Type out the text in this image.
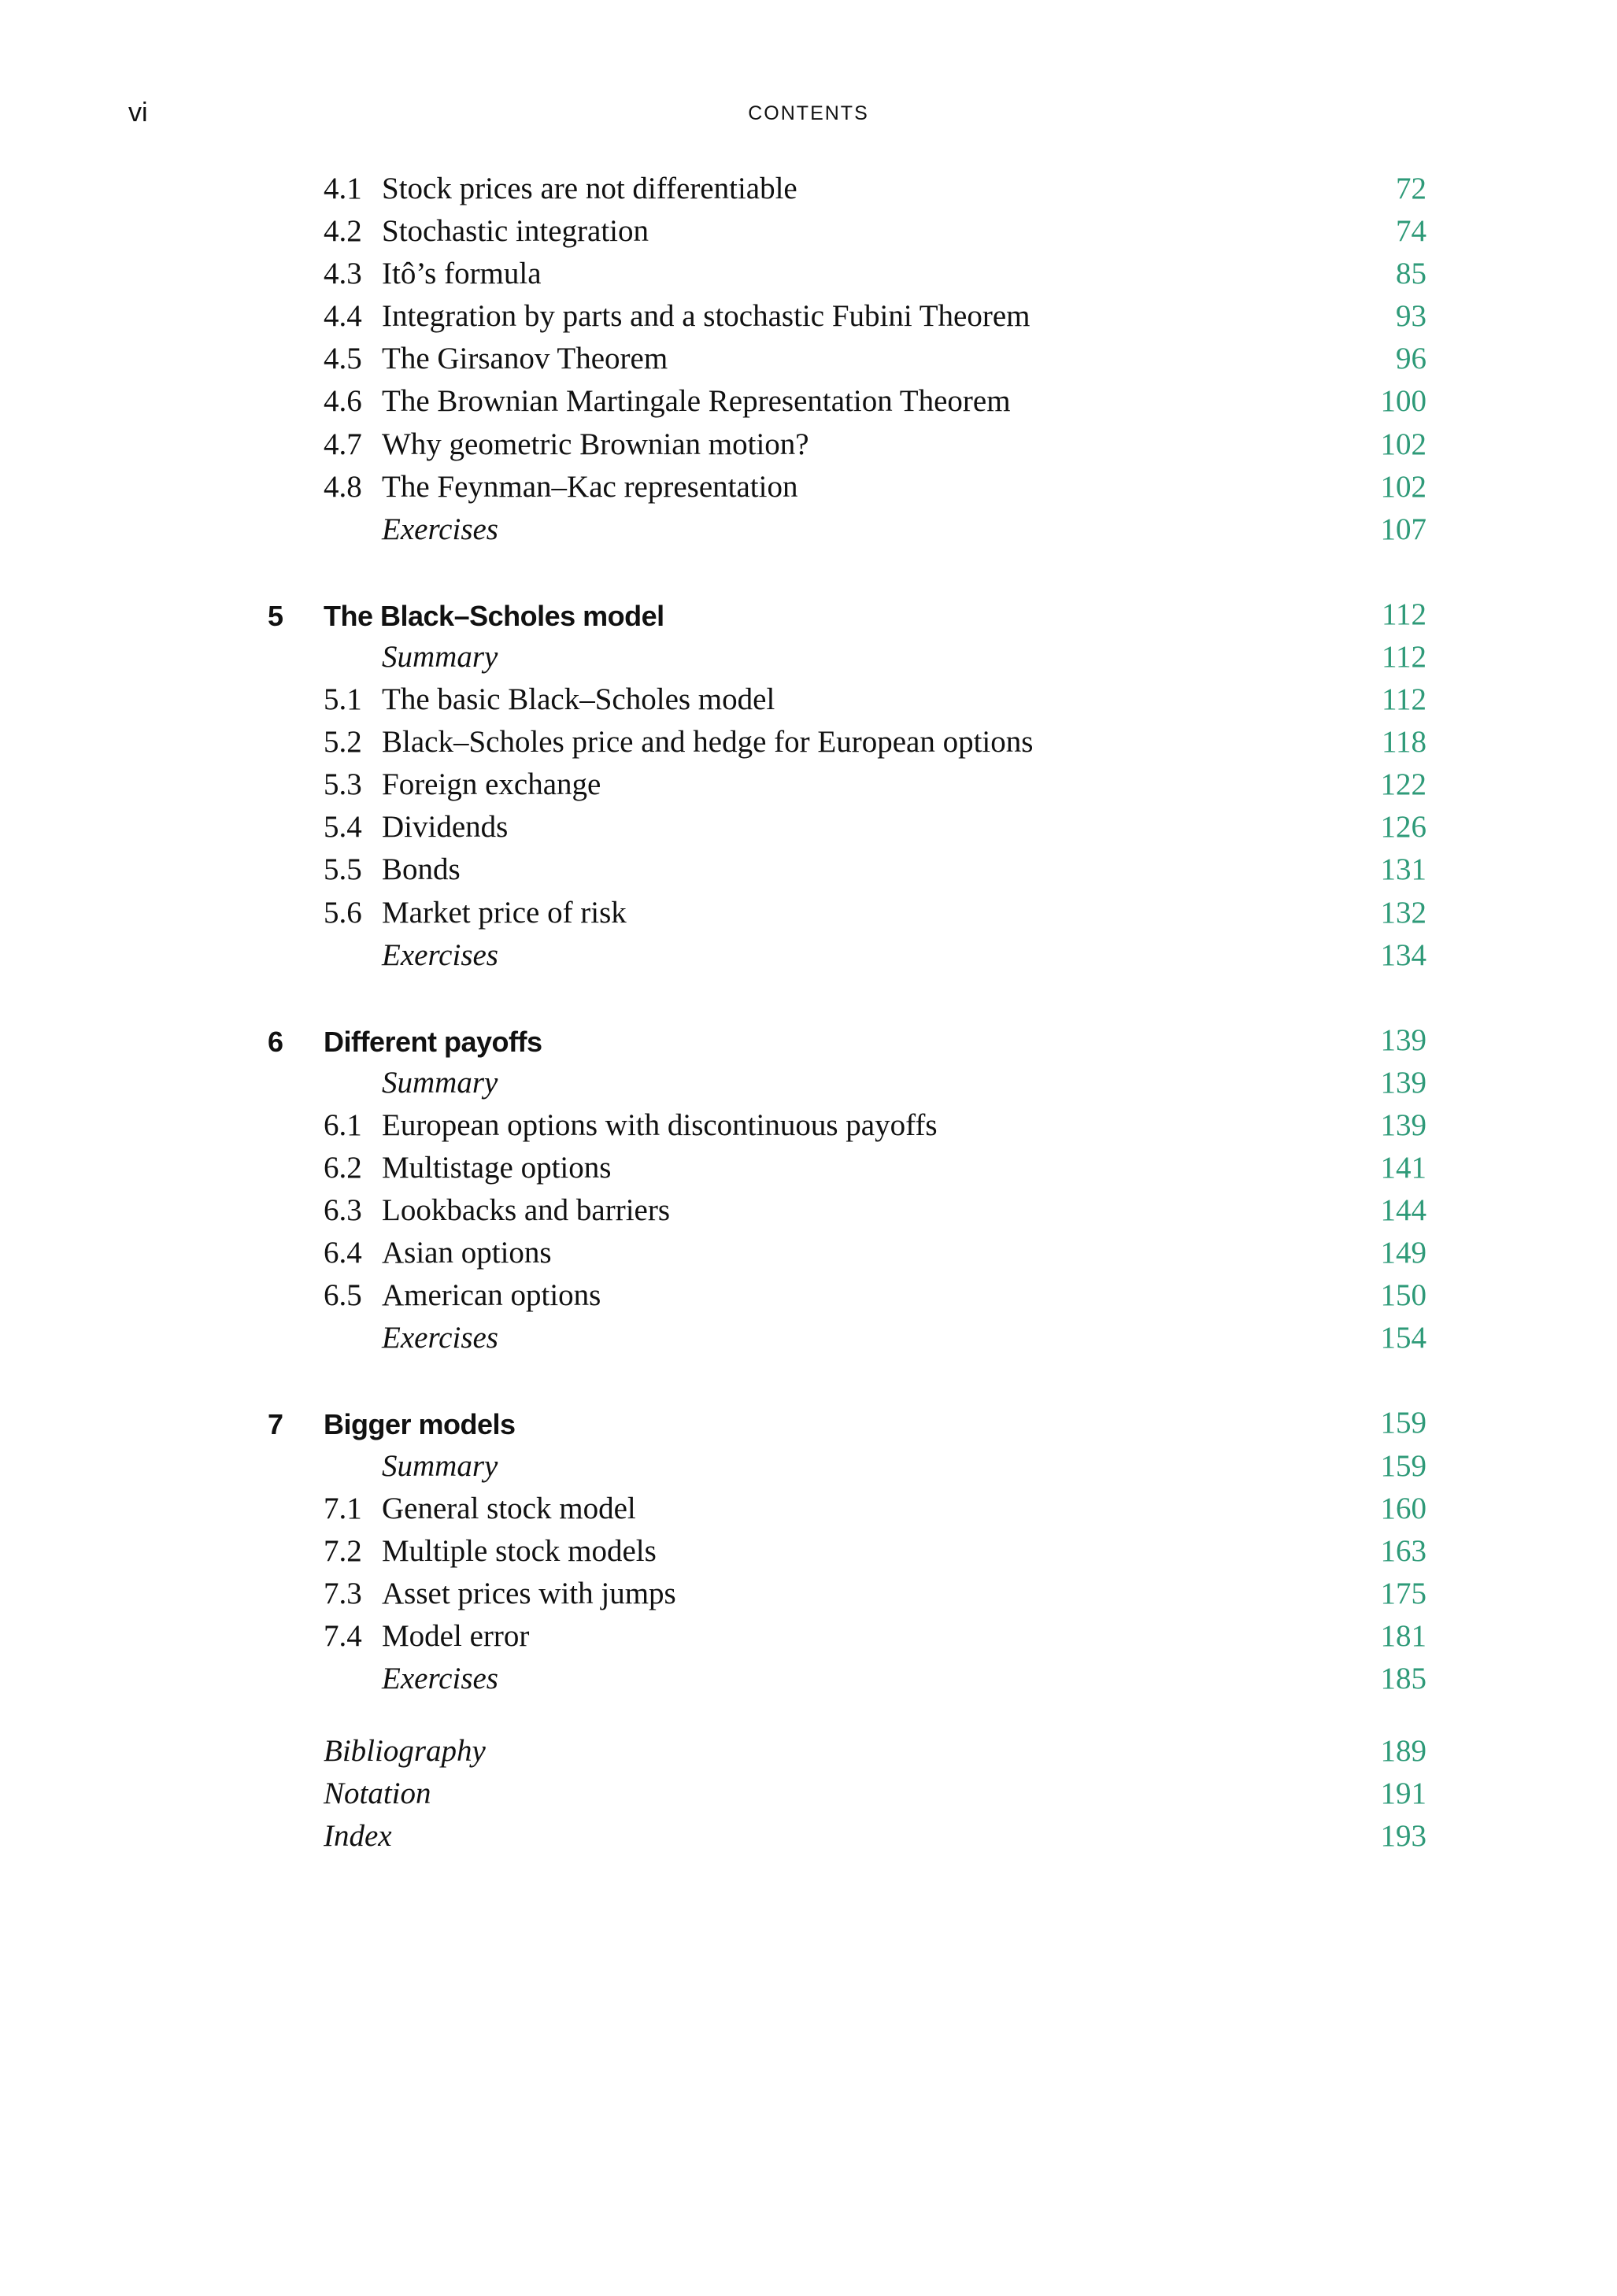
vi	CONTENTS
4.1 Stock prices are not differentiable	72
4.2 Stochastic integration	74
4.3 Itô’s formula	85
4.4 Integration by parts and a stochastic Fubini Theorem	93
4.5 The Girsanov Theorem	96
4.6 The Brownian Martingale Representation Theorem	100
4.7 Why geometric Brownian motion?	102
4.8 The Feynman–Kac representation	102
Exercises	107
5 The Black–Scholes model	112
Summary	112
5.1 The basic Black–Scholes model	112
5.2 Black–Scholes price and hedge for European options	118
5.3 Foreign exchange	122
5.4 Dividends	126
5.5 Bonds	131
5.6 Market price of risk	132
Exercises	134
6 Different payoffs	139
Summary	139
6.1 European options with discontinuous payoffs	139
6.2 Multistage options	141
6.3 Lookbacks and barriers	144
6.4 Asian options	149
6.5 American options	150
Exercises	154
7 Bigger models	159
Summary	159
7.1 General stock model	160
7.2 Multiple stock models	163
7.3 Asset prices with jumps	175
7.4 Model error	181
Exercises	185
Bibliography	189
Notation	191
Index	193
